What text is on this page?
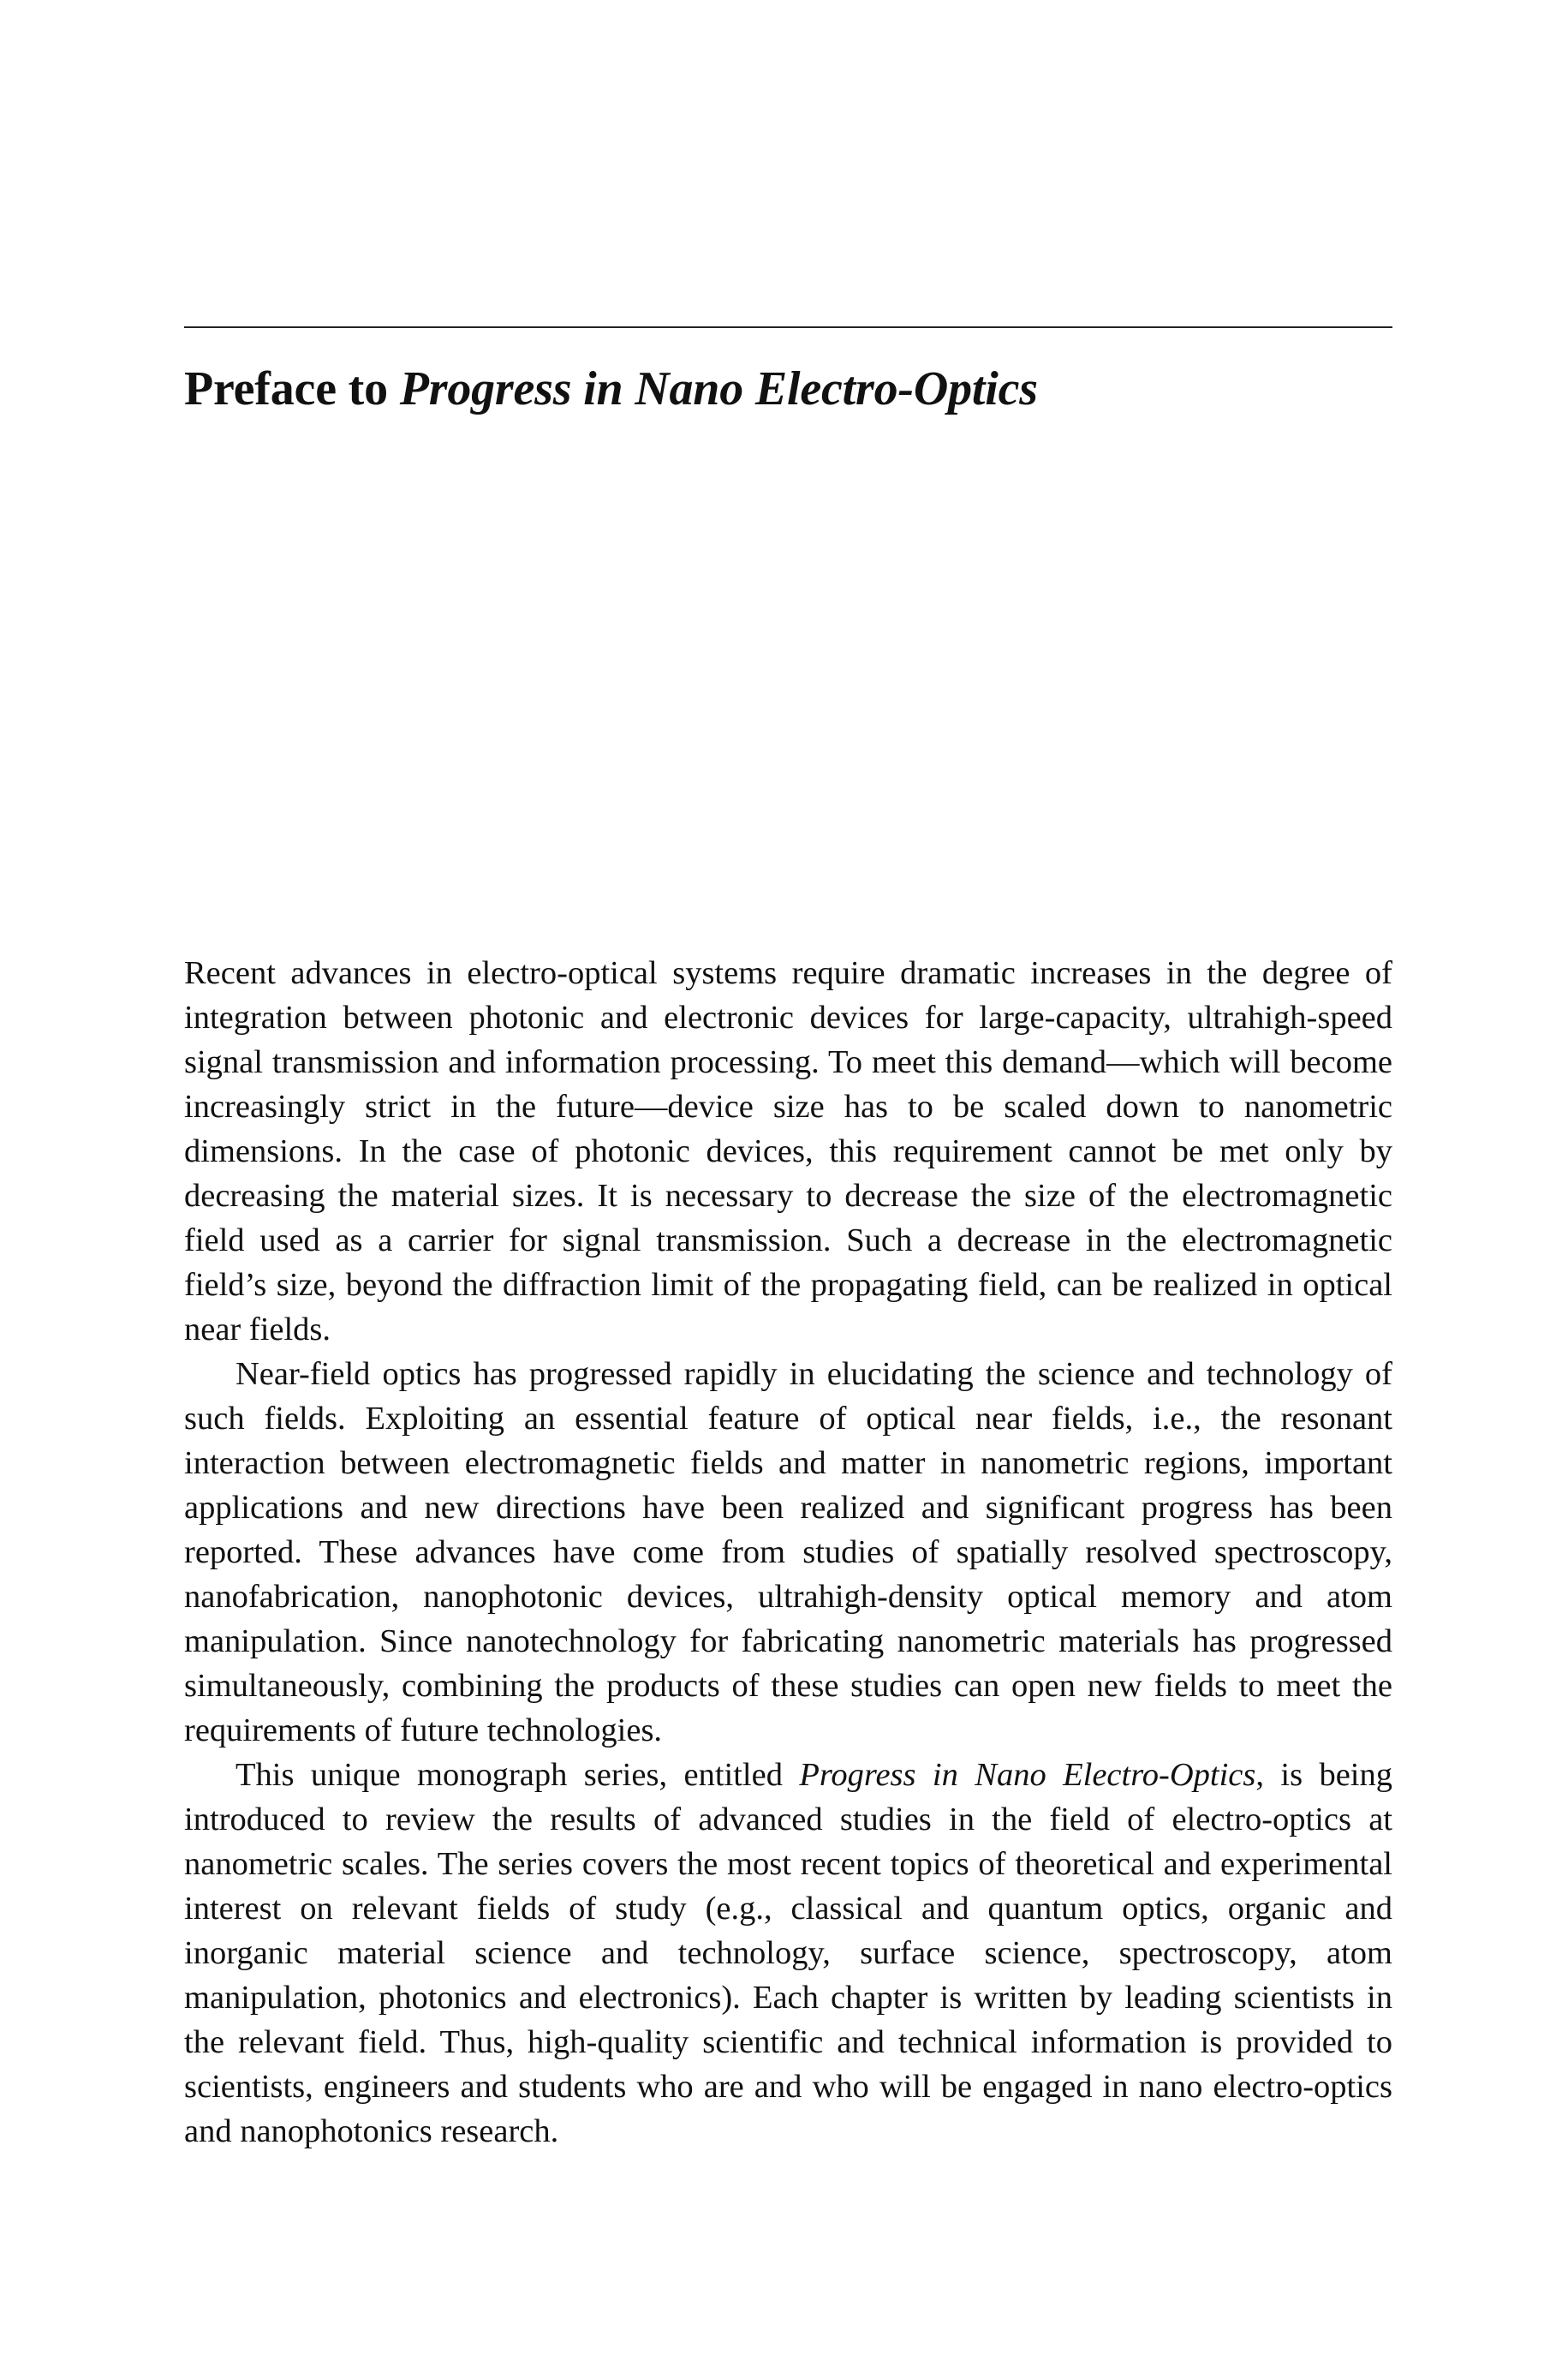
Preface to Progress in Nano Electro-Optics

Recent advances in electro-optical systems require dramatic increases in the degree of integration between photonic and electronic devices for large-capacity, ultrahigh-speed signal transmission and information processing. To meet this demand—which will become increasingly strict in the future—device size has to be scaled down to nanometric dimensions. In the case of photonic devices, this requirement cannot be met only by decreasing the material sizes. It is necessary to decrease the size of the electromagnetic field used as a carrier for signal transmission. Such a decrease in the electromagnetic field’s size, beyond the diffraction limit of the propagating field, can be realized in optical near fields.

Near-field optics has progressed rapidly in elucidating the science and technology of such fields. Exploiting an essential feature of optical near fields, i.e., the resonant interaction between electromagnetic fields and matter in nanometric regions, important applications and new directions have been realized and significant progress has been reported. These advances have come from studies of spatially resolved spectroscopy, nanofabrication, nanophotonic devices, ultrahigh-density optical memory and atom manipulation. Since nanotechnology for fabricating nanometric materials has progressed simultaneously, combining the products of these studies can open new fields to meet the requirements of future technologies.

This unique monograph series, entitled Progress in Nano Electro-Optics, is being introduced to review the results of advanced studies in the field of electro-optics at nanometric scales. The series covers the most recent topics of theoretical and experimental interest on relevant fields of study (e.g., classical and quantum optics, organic and inorganic material science and technology, surface science, spectroscopy, atom manipulation, photonics and electronics). Each chapter is written by leading scientists in the relevant field. Thus, high-quality scientific and technical information is provided to scientists, engineers and students who are and who will be engaged in nano electro-optics and nanophotonics research.
